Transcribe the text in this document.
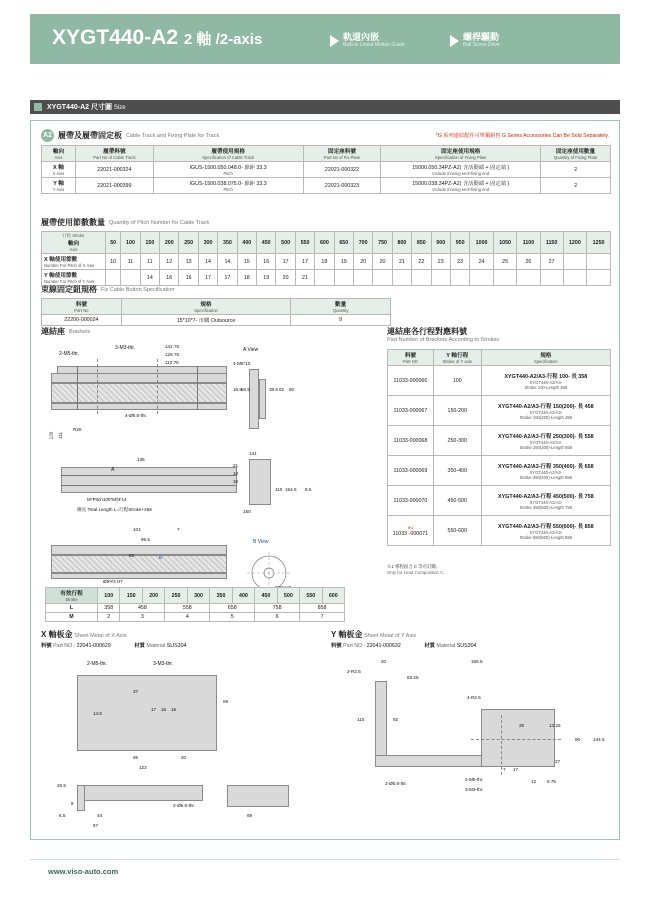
XYGT440-A2 2 軸 /2-axis	軌道內嵌
Built-in Linear Motion Guide
螺桿驅動
Ball Screw Drive
XYGT440-A2 尺寸圖 Size
A2 履帶及履帶固定板 Cable Track and Fixing Plate for Track	*G 系列連結配件可單獨銷售 G Series Accessories Can Be Sold Separately.
軸向
Axis	履帶料號
Part No of Cable Track	履帶使用規格
Specification of Cable Track	固定座料號
Part No of Fix Plate	固定座使用規格
Specification of Fixing Plate	固定座使用數量
Quantity of Fixing Plate

X 軸
X Axis	22021-000324	IGUS-1500.050.048.0- 節距 33.3
Pitch	22021-000322	15000.050.34PZ-A2( 含活動端 + 固定端 )
Include moving end+fixing end	2

Y 軸
Y Axis	22021-000399	IGUS-1500.038.075.0- 節距 33.3
Pitch	22021-000323	15000.038.34PZ-A2( 含活動端 + 固定端 )
Include moving end+fixing end	2
履帶使用節數數量 Quantity of Pitch Number for Cable Track
行程 Stroke
軸向
Axis	50	100	150	200	250	300	350	400	450	500	550	600	650	700	750	800	850	900	950	1000	1050	1100	1150	1200	1250

X 軸使用節數
Number For Pitch of X Axis	10	11	11	12	13	14	14	15	16	17	17	18	19	20	20	21	22	23	23	24	25	26	27		

Y 軸使用節數
Number For Pitch of Y Axis			14	16	16	17	17	18	19	20	21														
束線固定鈕規格 Fix Cable Button Specification
料號
Part No	規格
Specification	數量
Quantity

22200-000024	15*10*7- 市購 Outsource	9
連結座 Brackets
2-M5-thr.
3-M3-thr.	142.75
126.75
110.75
4-Ø6.5-thr.
R20
120 111
A View
4-M5*10
16.5 50.5	38.5 62 60
135
A
M*Pitch100*M§F14
總長 Total Length L=行程Stroke+258
141
21
13
10
150
110 154.5 8.5
104	7
95.5
82	B
Ø6Ψ3 H7
B View
連結座各行程對應料號
Part Number of Brackets According to Strokes
料號
Part NO	Y 軸行程
Stroke of Y axis	規格
Specification

11033-000066	100	XYGT440-A2/A3-行程 100- 長 358
XYGT440-A2/A3-
Stroke 100-Length 358

11033-000067	150-200	XYGT440-A2/A3-行程 150(200)- 長 458
XYGT440-A2/A3-
Stroke 150(200)-Length 458

11033-000068	250-300	XYGT440-A2/A3-行程 250(300)- 長 558
XYGT440-A2/A3-
Stroke 250(300)-Length 558

11033-000069	350-400	XYGT440-A2/A3-行程 350(400)- 長 658
XYGT440-A2/A3-
Stroke 350(400)-Length 658

11033-000070	450-500	XYGT440-A2/A3-行程 450(500)- 長 758
XYGT440-A2/A3-
Stroke 450(500)-Length 758

※1
11033 -000071	550-600	XYGT440-A2/A3-行程 550(600)- 長 858
XYGT440-A2/A3-
Stroke 550(600)-Length 858
※1 導程組合 C 等可訂購。
Only for Lead Composition C.
有效行程
Stroke	100	150	200	250	300	350	400	450	500	550	600
L	358	458		558		658		758		858	
M	2	3		4		5		6		7	
X 軸板金 Sheet Metal of X Axis
料號 Part NO : 22041-000629	材質 Material SUS304
2-M5-thr.	3-M3-thr.
37
69
14.5
17 16 16
95	20
123
26.5
8
6.5	44
57
2-Ø5.5-thr.
69
Y 軸板金 Sheet Metal of Y Axis
料號 Part NO : 22041-000632	材質 Material SUS304
20
2-R2.5
166.5
83.25
110	92
4-R2.5
25	13.25
90	144.5
27
12 9.75
2-M5-thr.
3-M3-thr.
2-Ø5.5-thr.
7 17
www.viso-auto.com
